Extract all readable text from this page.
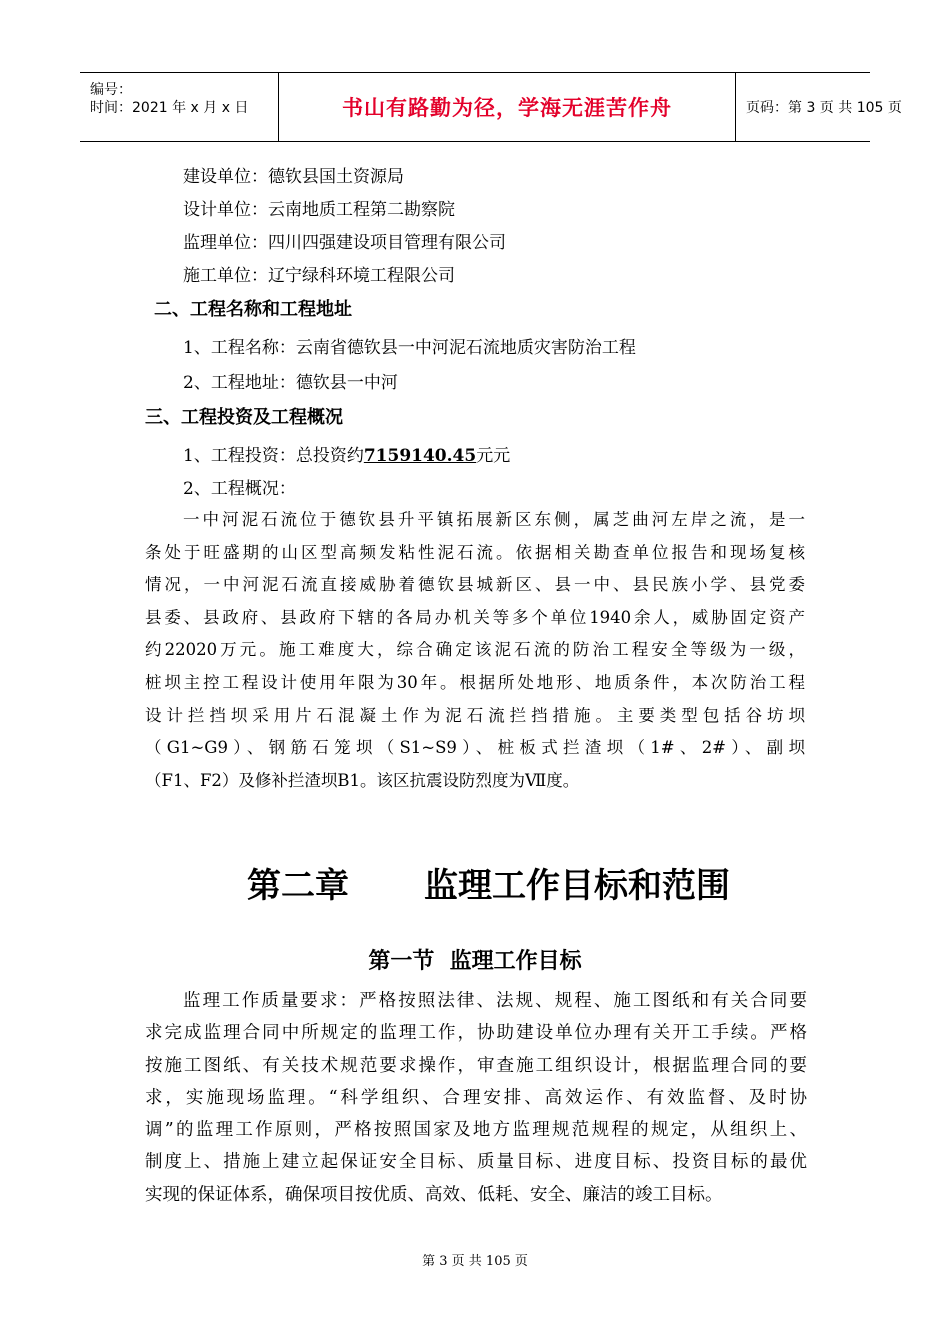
编号：
时间：2021 年 x 月 x 日	书山有路勤为径，学海无涯苦作舟	页码：第 3 页 共 105 页
建设单位：德钦县国土资源局
设计单位：云南地质工程第二勘察院
监理单位：四川四强建设项目管理有限公司
施工单位：辽宁绿科环境工程限公司
二、工程名称和工程地址
1、工程名称：云南省德钦县一中河泥石流地质灾害防治工程
2、工程地址：德钦县一中河
三、工程投资及工程概况
1、工程投资：总投资约7159140.45元元
2、工程概况：
一中河泥石流位于德钦县升平镇拓展新区东侧，属芝曲河左岸之流，是一
条处于旺盛期的山区型高频发粘性泥石流。依据相关勘查单位报告和现场复核
情况，一中河泥石流直接威胁着德钦县城新区、县一中、县民族小学、县党委
县委、县政府、县政府下辖的各局办机关等多个单位1940余人，威胁固定资产
约22020万元。施工难度大，综合确定该泥石流的防治工程安全等级为一级，
桩坝主控工程设计使用年限为30年。根据所处地形、地质条件，本次防治工程
设计拦挡坝采用片石混凝土作为泥石流拦挡措施。主要类型包括谷坊坝
（G1~G9）、钢筋石笼坝（S1~S9）、桩板式拦渣坝（1#、2#）、副坝
（F1、F2）及修补拦渣坝B1。该区抗震设防烈度为Ⅶ度。
第二章 监理工作目标和范围
第一节  监理工作目标
监理工作质量要求：严格按照法律、法规、规程、施工图纸和有关合同要
求完成监理合同中所规定的监理工作，协助建设单位办理有关开工手续。严格
按施工图纸、有关技术规范要求操作，审查施工组织设计，根据监理合同的要
求，实施现场监理。“科学组织、合理安排、高效运作、有效监督、及时协
调”的监理工作原则，严格按照国家及地方监理规范规程的规定，从组织上、
制度上、措施上建立起保证安全目标、质量目标、进度目标、投资目标的最优
实现的保证体系，确保项目按优质、高效、低耗、安全、廉洁的竣工目标。
第 3 页 共 105 页
